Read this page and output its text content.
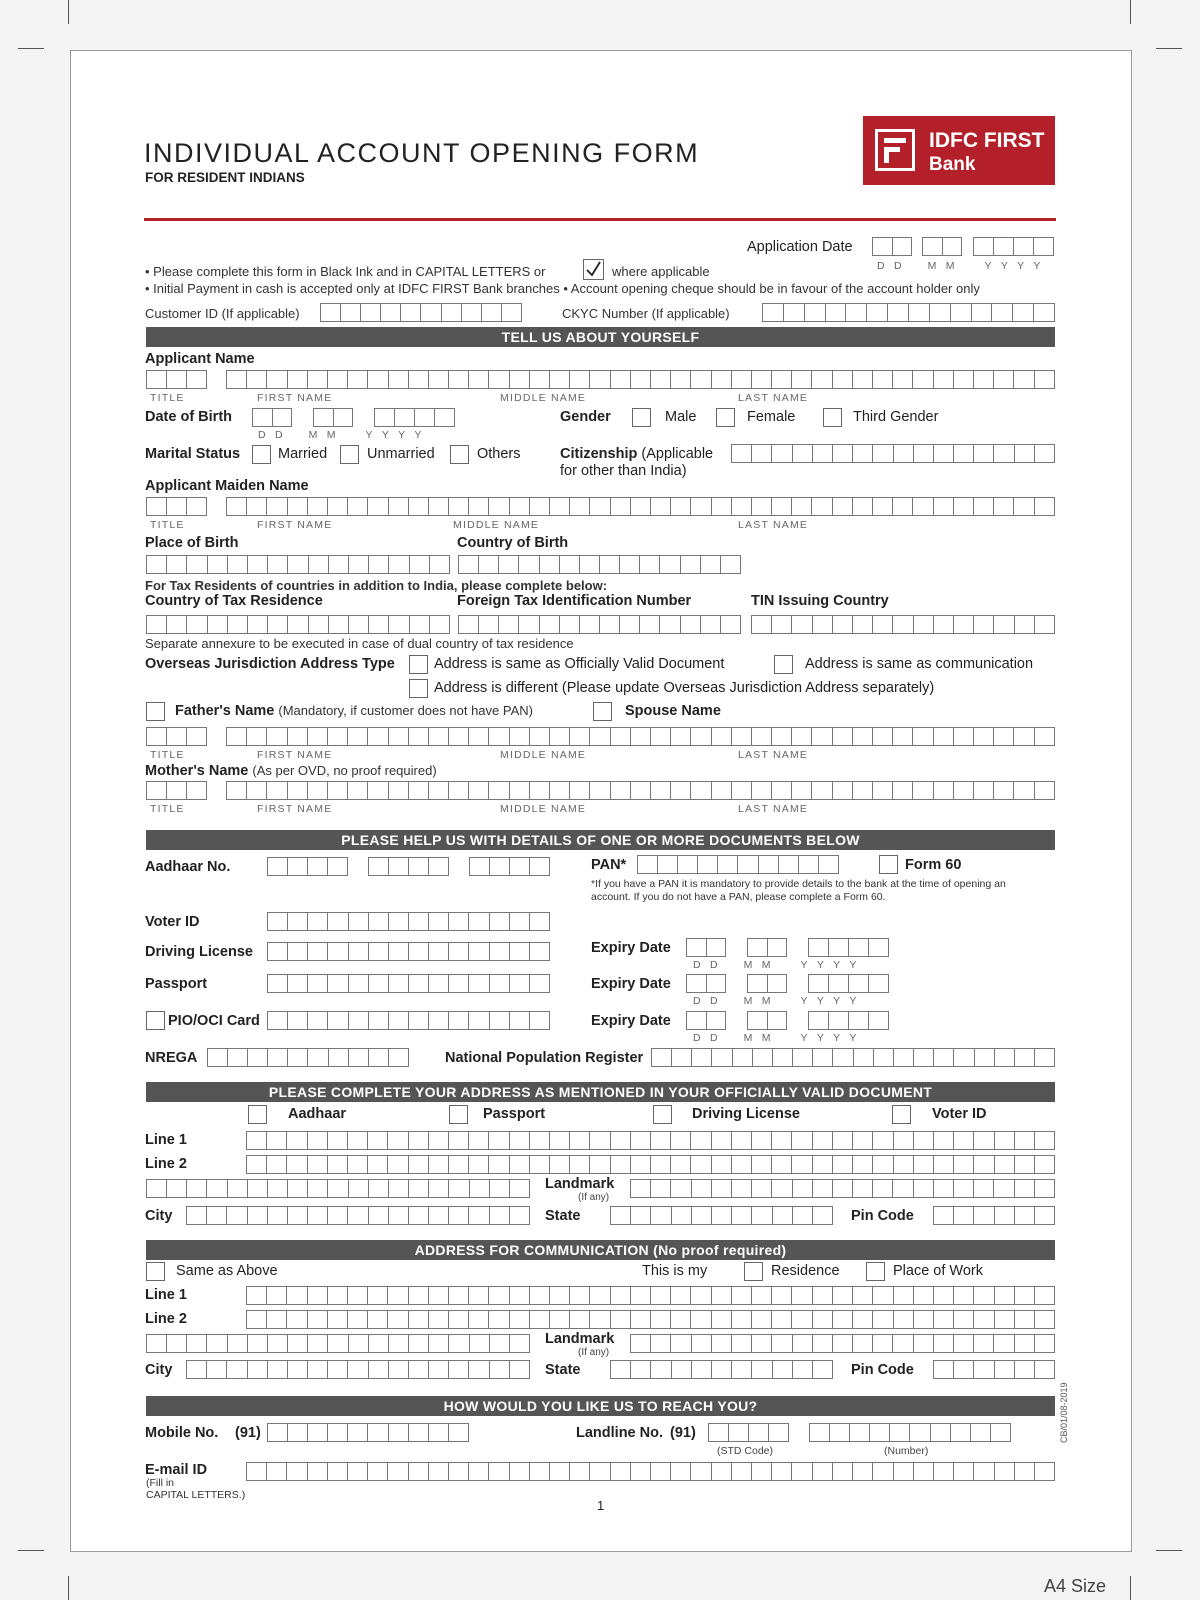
INDIVIDUAL ACCOUNT OPENING FORM
FOR RESIDENT INDIANS
IDFC FIRST
Bank
Application Date
D D M M	Y Y Y Y
• Please complete this form in Black Ink and in CAPITAL LETTERS or	where applicable
• Initial Payment in cash is accepted only at IDFC FIRST Bank branches • Account opening cheque should be in favour of the account holder only
Customer ID (If applicable)	CKYC Number (If applicable)
TELL US ABOUT YOURSELF
Applicant Name
TITLE	FIRST NAME	MIDDLE NAME	LAST NAME
Date of Birth
D D M M	Y Y Y Y
Gender	Male	Female	Third Gender
Marital Status	Married	Unmarried	Others	Citizenship (Applicable
for other than India)
Applicant Maiden Name
TITLE	FIRST NAME	MIDDLE NAME	LAST NAME
Place of Birth	Country of Birth
For Tax Residents of countries in addition to India, please complete below:
Country of Tax Residence	Foreign Tax Identification Number	TIN Issuing Country
Separate annexure to be executed in case of dual country of tax residence
Overseas Jurisdiction Address Type	Address is same as Officially Valid Document	Address is same as communication
Address is different (Please update Overseas Jurisdiction Address separately)
Father's Name (Mandatory, if customer does not have PAN)	Spouse Name
TITLE	FIRST NAME	MIDDLE NAME	LAST NAME
Mother's Name (As per OVD, no proof required)
TITLE	FIRST NAME	MIDDLE NAME	LAST NAME
PLEASE HELP US WITH DETAILS OF ONE OR MORE DOCUMENTS BELOW
Aadhaar No.	PAN*	Form 60
*If you have a PAN it is mandatory to provide details to the bank at the time of opening an
account. If you do not have a PAN, please complete a Form 60.
Voter ID
Driving License	Expiry Date
D D M M	Y Y Y Y
Passport	Expiry Date
D D M M	Y Y Y Y
PIO/OCI Card	Expiry Date
D D M M	Y Y Y Y
NREGA	National Population Register
PLEASE COMPLETE YOUR ADDRESS AS MENTIONED IN YOUR OFFICIALLY VALID DOCUMENT
Aadhaar	Passport	Driving License	Voter ID
Line 1
Line 2
Landmark
(If any)
City	State	Pin Code
ADDRESS FOR COMMUNICATION (No proof required)
Same as Above	This is my	Residence	Place of Work
Line 1
Line 2
Landmark
(If any)
City	State	Pin Code
HOW WOULD YOU LIKE US TO REACH YOU?
Mobile No. (91)	Landline No. (91)
(STD Code)	(Number)
E-mail ID
(Fill in
CAPITAL LETTERS.)
1
CB/01/08-2019
A4 Size
